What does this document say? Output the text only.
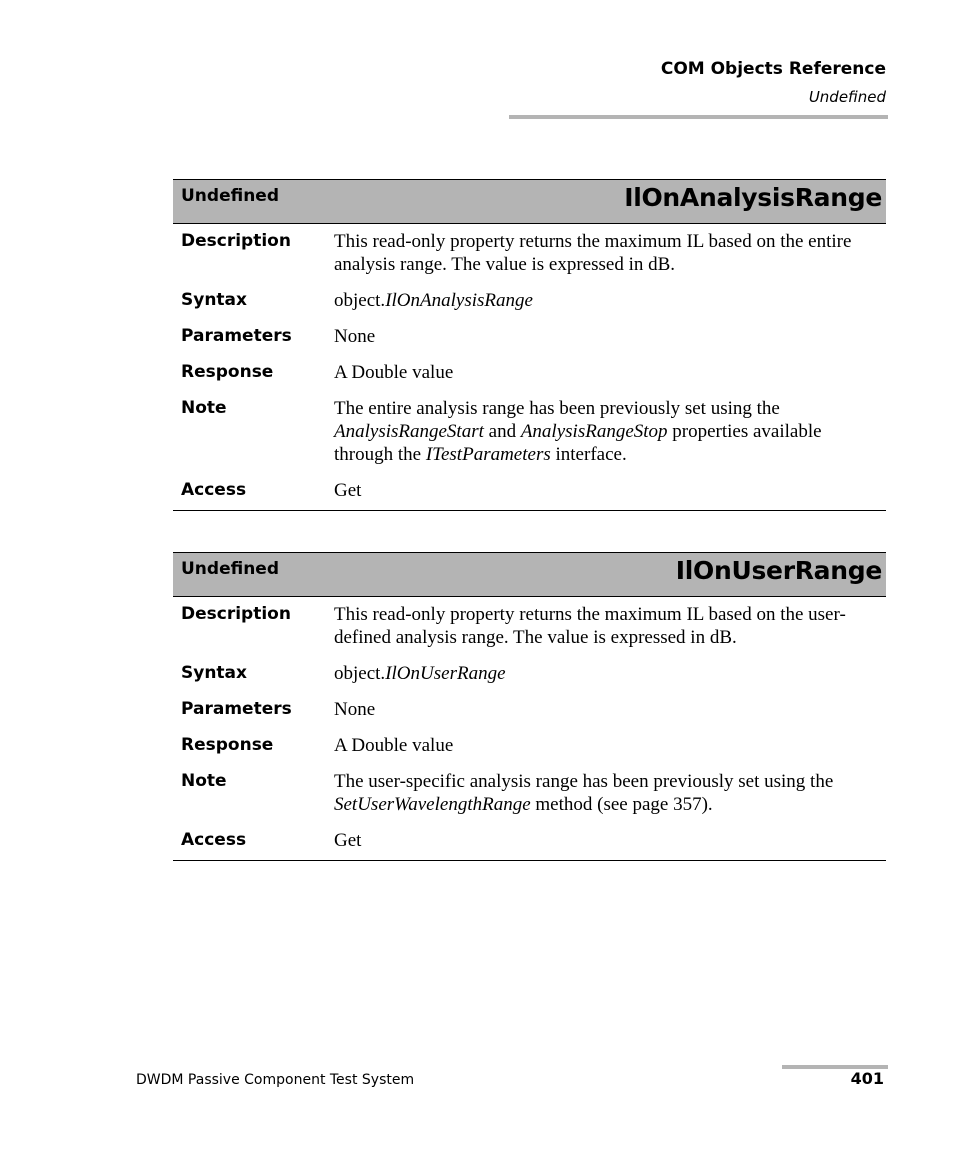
COM Objects Reference
Undefined
Undefined	IlOnAnalysisRange
Description	This read-only property returns the maximum IL based on the entire analysis range. The value is expressed in dB.
Syntax	object.IlOnAnalysisRange
Parameters	None
Response	A Double value
Note	The entire analysis range has been previously set using the AnalysisRangeStart and AnalysisRangeStop properties available through the ITestParameters interface.
Access	Get
Undefined	IlOnUserRange
Description	This read-only property returns the maximum IL based on the user-defined analysis range. The value is expressed in dB.
Syntax	object.IlOnUserRange
Parameters	None
Response	A Double value
Note	The user-specific analysis range has been previously set using the SetUserWavelengthRange method (see page 357).
Access	Get
DWDM Passive Component Test System	401
